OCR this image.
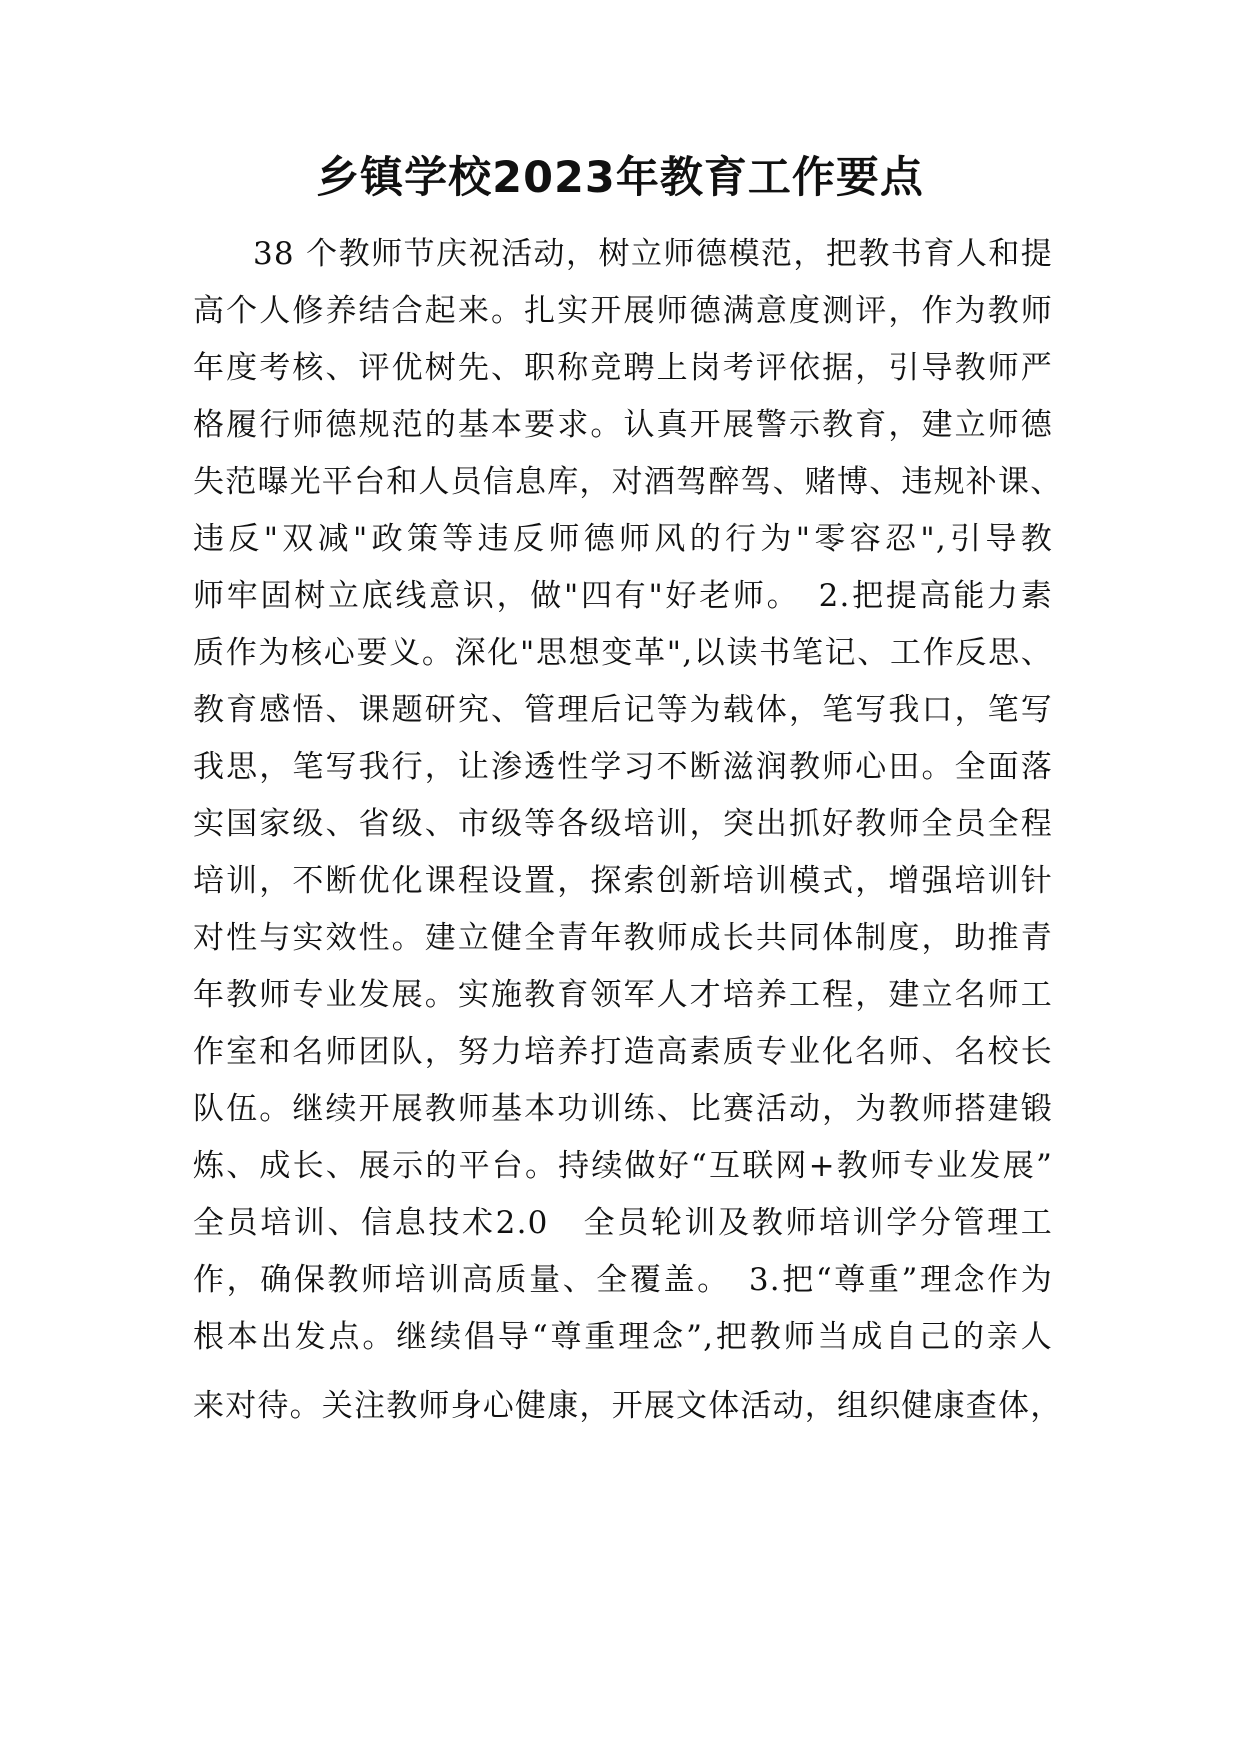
乡镇学校2023年教育工作要点
38 个教师节庆祝活动，树立师德模范，把教书育人和提
高个人修养结合起来。扎实开展师德满意度测评，作为教师
年度考核、评优树先、职称竞聘上岗考评依据，引导教师严
格履行师德规范的基本要求。认真开展警示教育，建立师德
失范曝光平台和人员信息库，对酒驾醉驾、赌博、违规补课、
违反"双减"政策等违反师德师风的行为"零容忍",引导教
师牢固树立底线意识，做"四有"好老师。　2.把提高能力素
质作为核心要义。深化"思想变革",以读书笔记、工作反思、
教育感悟、课题研究、管理后记等为载体，笔写我口，笔写
我思，笔写我行，让渗透性学习不断滋润教师心田。全面落
实国家级、省级、市级等各级培训，突出抓好教师全员全程
培训，不断优化课程设置，探索创新培训模式，增强培训针
对性与实效性。建立健全青年教师成长共同体制度，助推青
年教师专业发展。实施教育领军人才培养工程，建立名师工
作室和名师团队，努力培养打造高素质专业化名师、名校长
队伍。继续开展教师基本功训练、比赛活动，为教师搭建锻
炼、成长、展示的平台。持续做好“互联网+教师专业发展”
全员培训、信息技术2.0　全员轮训及教师培训学分管理工
作，确保教师培训高质量、全覆盖。　3.把“尊重”理念作为
根本出发点。继续倡导“尊重理念”,把教师当成自己的亲人
来对待。关注教师身心健康，开展文体活动，组织健康查体，
